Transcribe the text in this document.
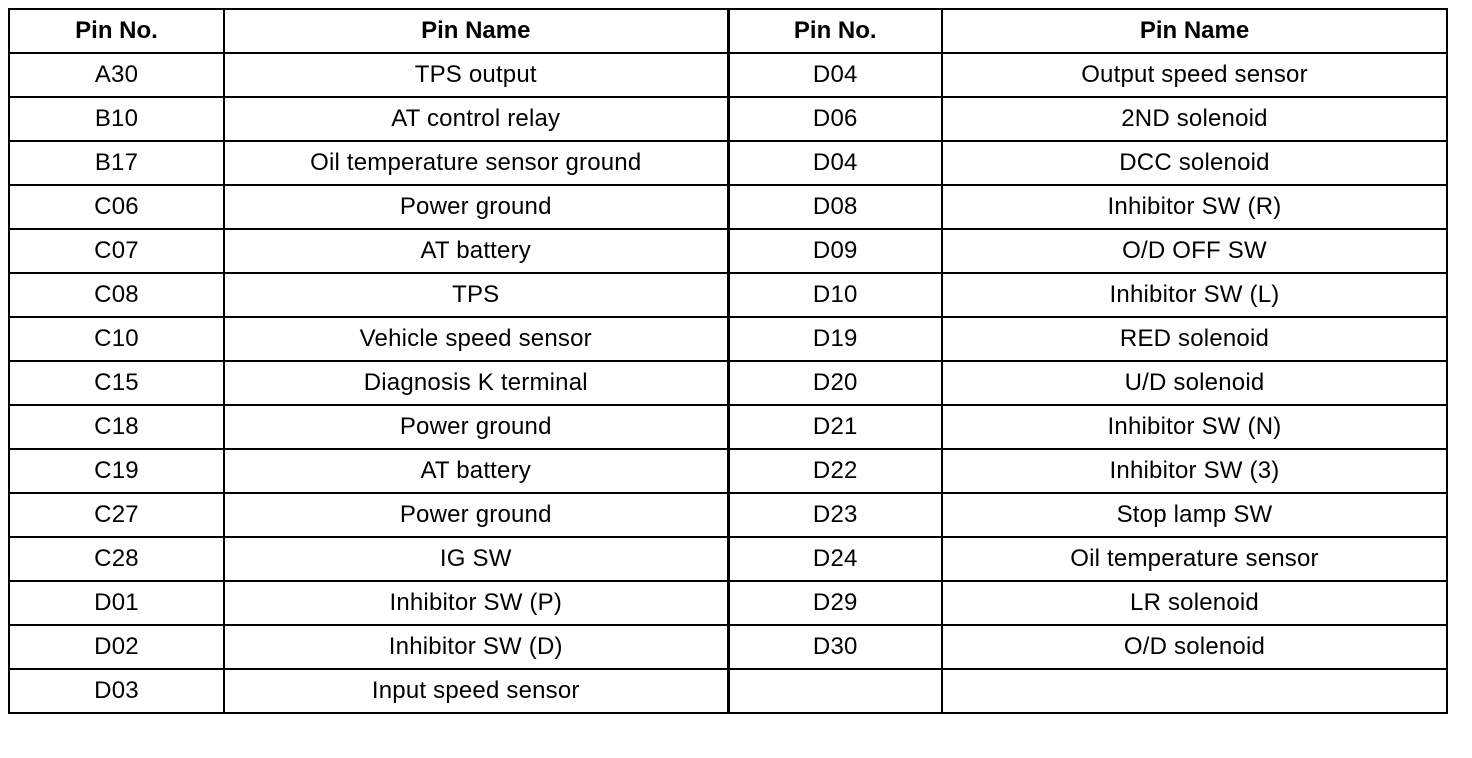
Pin No.	Pin Name	Pin No.	Pin Name
A30	TPS output	D04	Output speed sensor
B10	AT control relay	D06	2ND solenoid
B17	Oil temperature sensor ground	D04	DCC solenoid
C06	Power ground	D08	Inhibitor SW (R)
C07	AT battery	D09	O/D OFF SW
C08	TPS	D10	Inhibitor SW (L)
C10	Vehicle speed sensor	D19	RED solenoid
C15	Diagnosis K terminal	D20	U/D solenoid
C18	Power ground	D21	Inhibitor SW (N)
C19	AT battery	D22	Inhibitor SW (3)
C27	Power ground	D23	Stop lamp SW
C28	IG SW	D24	Oil temperature sensor
D01	Inhibitor SW (P)	D29	LR solenoid
D02	Inhibitor SW (D)	D30	O/D solenoid
D03	Input speed sensor		
